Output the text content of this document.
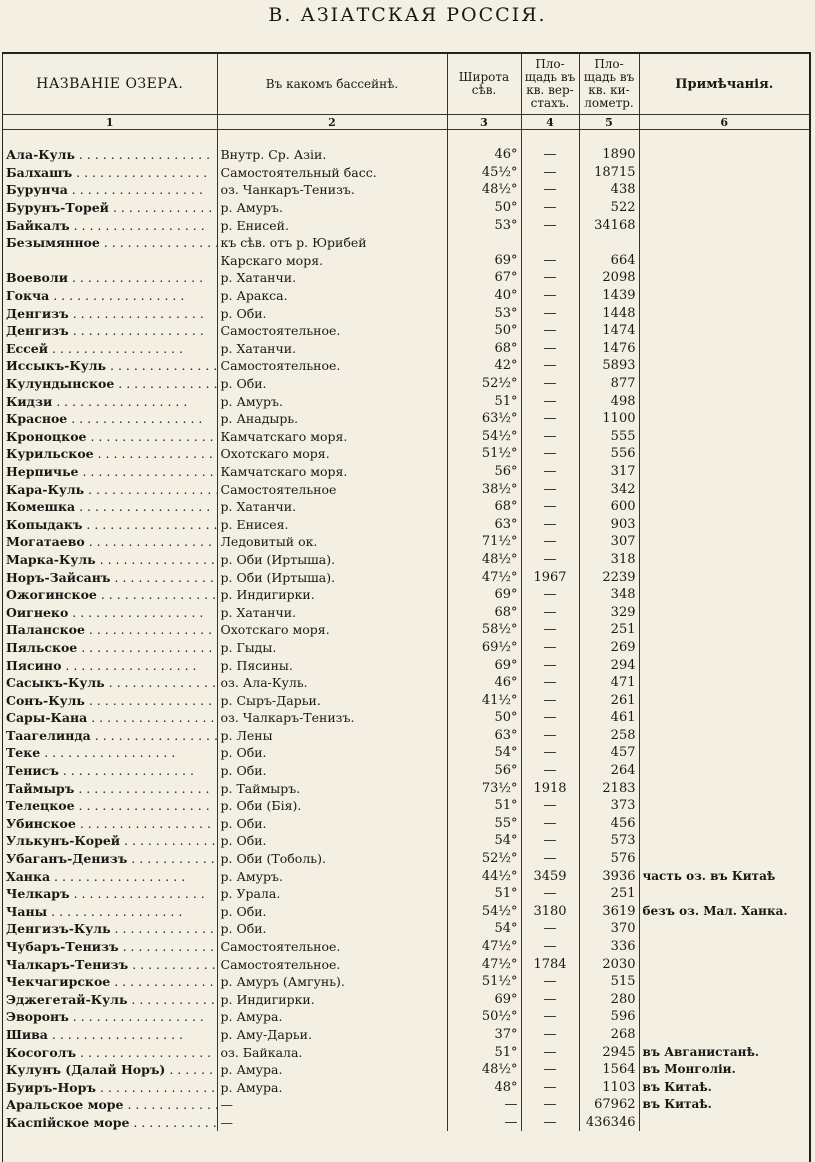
В. АЗІАТСКАЯ РОССІЯ.
НАЗВАНІЕ ОЗЕРА.	Въ какомъ бассейнѣ.	Широта сѣв.	Пло- щадь въ кв. вер- стахъ.	Пло- щадь въ кв. ки- лометр.	Примѣчанія.
1	2	3	4	5	6

Ала-Куль . . .	Внутр. Ср. Азіи.	46°	—	1890	
Балхашъ . . .	Самостоятельный басс.	45½°	—	18715	
Бурунча . . .	оз. Чанкаръ-Тенизъ.	48½°	—	438	
Бурунъ-Торей . . .	р. Амуръ.	50°	—	522	
Байкалъ . . .	р. Енисей.	53°	—	34168	
Безымянное . . .	къ сѣв. отъ р. Юрибей				
	Карскаго моря.	69°	—	664	
Воеволи . . .	р. Хатанчи.	67°	—	2098	
Гокча . . .	р. Аракса.	40°	—	1439	
Денгизъ . . .	р. Оби.	53°	—	1448	
Денгизъ . . .	Самостоятельное.	50°	—	1474	
Ессей . . .	р. Хатанчи.	68°	—	1476	
Иссыкъ-Куль . . .	Самостоятельное.	42°	—	5893	
Кулундынское . . .	р. Оби.	52½°	—	877	
Кидзи . . .	р. Амуръ.	51°	—	498	
Красное . . .	р. Анадырь.	63½°	—	1100	
Кроноцкое . . .	Камчатскаго моря.	54½°	—	555	
Курильское . . .	Охотскаго моря.	51½°	—	556	
Нерпичье . . .	Камчатскаго моря.	56°	—	317	
Кара-Куль . . .	Самостоятельное	38½°	—	342	
Комешка . . .	р. Хатанчи.	68°	—	600	
Копыдакъ . . .	р. Енисея.	63°	—	903	
Могатаево . . .	Ледовитый ок.	71½°	—	307	
Марка-Куль . . .	р. Оби (Иртыша).	48½°	—	318	
Норъ-Зайсанъ . . .	р. Оби (Иртыша).	47½°	1967	2239	
Ожогинское . . .	р. Индигирки.	69°	—	348	
Оигнеко . . .	р. Хатанчи.	68°	—	329	
Паланское . . .	Охотскаго моря.	58½°	—	251	
Пяльское . . .	р. Гыды.	69½°	—	269	
Пясино . . .	р. Пясины.	69°	—	294	
Сасыкъ-Куль . . .	оз. Ала-Куль.	46°	—	471	
Сонъ-Куль . . .	р. Сыръ-Дарьи.	41½°	—	261	
Сары-Кана . . .	оз. Чалкаръ-Тенизъ.	50°	—	461	
Таагелинда . . .	р. Лены	63°	—	258	
Теке . . .	р. Оби.	54°	—	457	
Тенисъ . . .	р. Оби.	56°	—	264	
Таймыръ . . .	р. Таймыръ.	73½°	1918	2183	
Телецкое . . .	р. Оби (Бія).	51°	—	373	
Убинское . . .	р. Оби.	55°	—	456	
Улькунъ-Корей . . .	р. Оби.	54°	—	573	
Убаганъ-Денизъ . . .	р. Оби (Тоболь).	52½°	—	576	
Ханка . . .	р. Амуръ.	44½°	3459	3936	часть оз. въ Китаѣ
Челкаръ . . .	р. Урала.	51°	—	251	
Чаны . . .	р. Оби.	54½°	3180	3619	безъ оз. Мал. Ханка.
Денгизъ-Куль . . .	р. Оби.	54°	—	370	
Чубаръ-Тенизъ . . .	Самостоятельное.	47½°	—	336	
Чалкаръ-Тенизъ . . .	Самостоятельное.	47½°	1784	2030	
Чекчагирское . . .	р. Амуръ (Амгунь).	51½°	—	515	
Эджегетай-Куль . . .	р. Индигирки.	69°	—	280	
Эворонъ . . .	р. Амура.	50½°	—	596	
Шива . . .	р. Аму-Дарьи.	37°	—	268	
Косоголъ . . .	оз. Байкала.	51°	—	2945	въ Авганистанѣ.
Кулунъ (Далай Норъ) . . .	р. Амура.	48½°	—	1564	въ Монголіи.
Буиръ-Норъ . . .	р. Амура.	48°	—	1103	въ Китаѣ.
Аральское море . . .	—	—	—	67962	въ Китаѣ.
Каспійское море . . .	—	—	—	436346	
